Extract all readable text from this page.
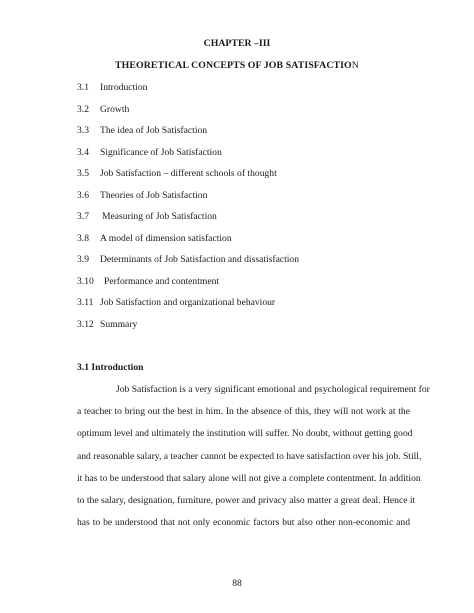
CHAPTER –III
THEORETICAL CONCEPTS OF JOB SATISFACTION
3.1 Introduction
3.2 Growth
3.3 The idea of Job Satisfaction
3.4 Significance of Job Satisfaction
3.5 Job Satisfaction – different schools of thought
3.6 Theories of Job Satisfaction
3.7 Measuring of Job Satisfaction
3.8 A model of dimension satisfaction
3.9 Determinants of Job Satisfaction and dissatisfaction
3.10 Performance and contentment
3.11 Job Satisfaction and organizational behaviour
3.12 Summary
3.1 Introduction
Job Satisfaction is a very significant emotional and psychological requirement for
a teacher to bring out the best in him. In the absence of this, they will not work at the
optimum level and ultimately the institution will suffer. No doubt, without getting good
and reasonable salary, a teacher cannot be expected to have satisfaction over his job. Still,
it has to be understood that salary alone will not give a complete contentment. In addition
to the salary, designation, furniture, power and privacy also matter a great deal. Hence it
has to be understood that not only economic factors but also other non-economic and
88
